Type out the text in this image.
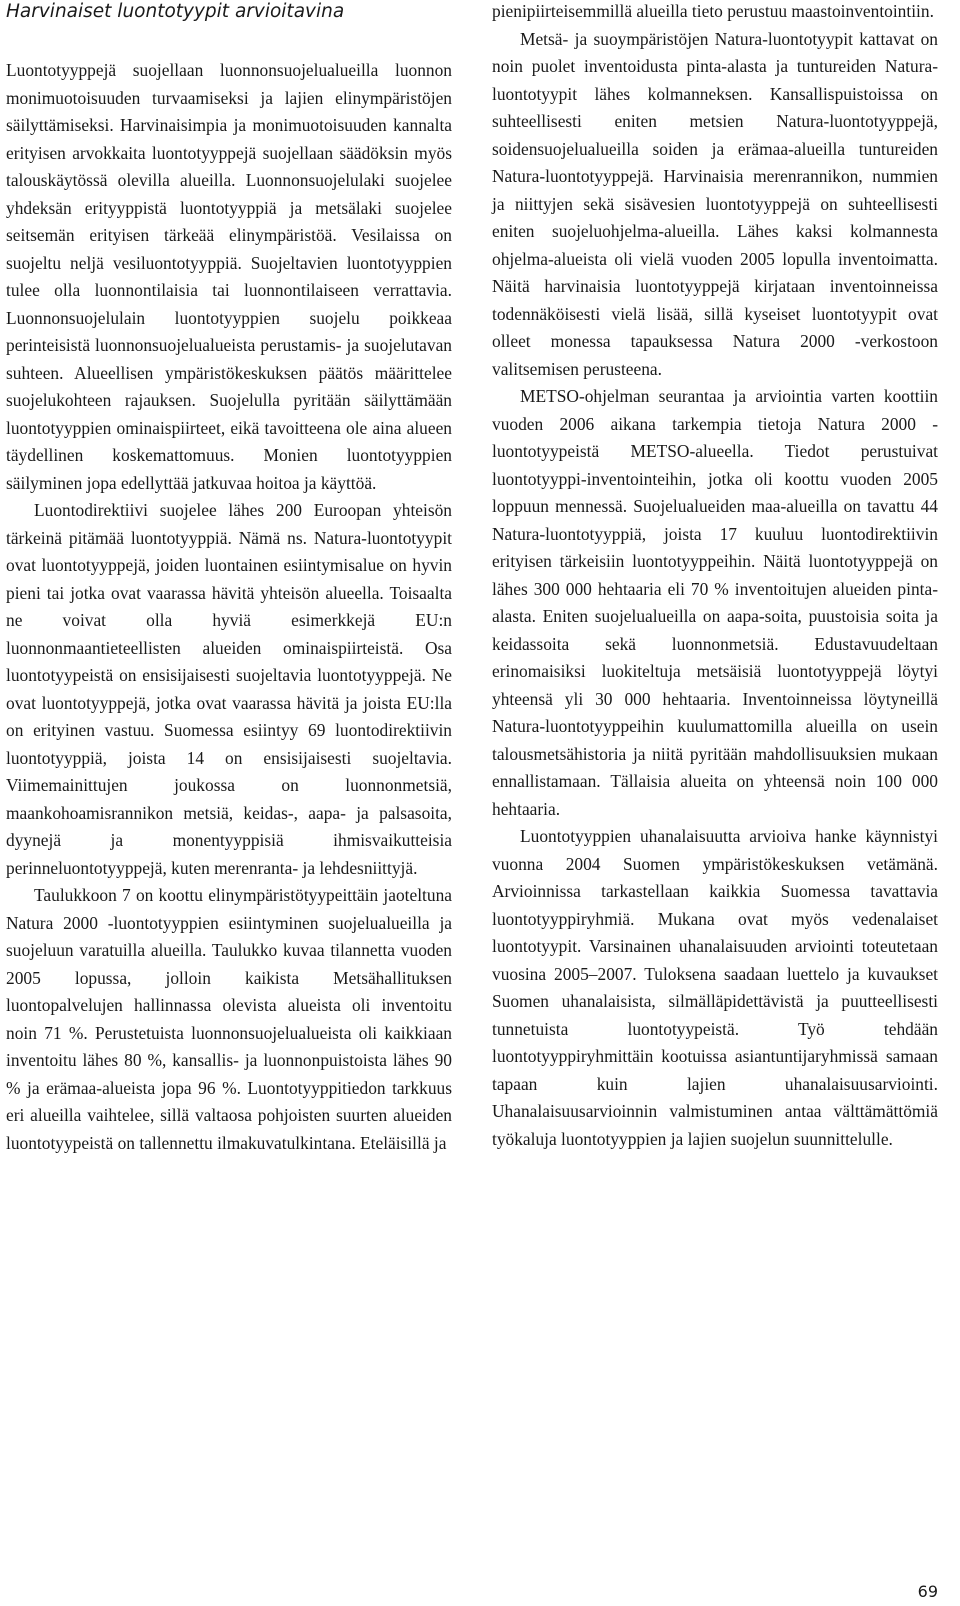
Harvinaiset luontotyypit arvioitavina

Luontotyyppejä suojellaan luonnonsuojelualueilla luonnon monimuotoisuuden turvaamiseksi ja lajien elinympäristöjen säilyttämiseksi. Harvinaisimpia ja monimuotoisuuden kannalta erityisen arvokkaita luontotyyppejä suojellaan säädöksin myös talouskäytössä olevilla alueilla. Luonnonsuojelulaki suojelee yhdeksän erityyppistä luontotyyppiä ja metsälaki suojelee seitsemän erityisen tärkeää elinympäristöä. Vesilaissa on suojeltu neljä vesiluontotyyppiä. Suojeltavien luontotyyppien tulee olla luonnontilaisia tai luonnontilaiseen verrattavia. Luonnonsuojelulain luontotyyppien suojelu poikkeaa perinteisistä luonnonsuojelualueista perustamis- ja suojelutavan suhteen. Alueellisen ympäristökeskuksen päätös määrittelee suojelukohteen rajauksen. Suojelulla pyritään säilyttämään luontotyyppien ominaispiirteet, eikä tavoitteena ole aina alueen täydellinen koskemattomuus. Monien luontotyyppien säilyminen jopa edellyttää jatkuvaa hoitoa ja käyttöä.

Luontodirektiivi suojelee lähes 200 Euroopan yhteisön tärkeinä pitämää luontotyyppiä. Nämä ns. Natura-luontotyypit ovat luontotyyppejä, joiden luontainen esiintymisalue on hyvin pieni tai jotka ovat vaarassa hävitä yhteisön alueella. Toisaalta ne voivat olla hyviä esimerkkejä EU:n luonnonmaantieteellisten alueiden ominaispiirteistä. Osa luontotyypeistä on ensisijaisesti suojeltavia luontotyyppejä. Ne ovat luontotyyppejä, jotka ovat vaarassa hävitä ja joista EU:lla on erityinen vastuu. Suomessa esiintyy 69 luontodirektiivin luontotyyppiä, joista 14 on ensisijaisesti suojeltavia. Viimemainittujen joukossa on luonnonmetsiä, maankohoamisrannikon metsiä, keidas-, aapa- ja palsasoita, dyynejä ja monentyyppisiä ihmisvaikutteisia perinneluontotyyppejä, kuten merenranta- ja lehdesniittyjä.

Taulukkoon 7 on koottu elinympäristötyypeittäin jaoteltuna Natura 2000 -luontotyyppien esiintyminen suojelualueilla ja suojeluun varatuilla alueilla. Taulukko kuvaa tilannetta vuoden 2005 lopussa, jolloin kaikista Metsähallituksen luontopalvelujen hallinnassa olevista alueista oli inventoitu noin 71 %. Perustetuista luonnonsuojelualueista oli kaikkiaan inventoitu lähes 80 %, kansallis- ja luonnonpuistoista lähes 90 % ja erämaa-alueista jopa 96 %. Luontotyyppitiedon tarkkuus eri alueilla vaihtelee, sillä valtaosa pohjoisten suurten alueiden luontotyypeistä on tallennettu ilmakuvatulkintana. Eteläisillä ja

pienipiirteisemmillä alueilla tieto perustuu maastoinventointiin.

Metsä- ja suoympäristöjen Natura-luontotyypit kattavat on noin puolet inventoidusta pinta-alasta ja tuntureiden Natura-luontotyypit lähes kolmanneksen. Kansallispuistoissa on suhteellisesti eniten metsien Natura-luontotyyppejä, soidensuojelualueilla soiden ja erämaa-alueilla tuntureiden Natura-luontotyyppejä. Harvinaisia merenrannikon, nummien ja niittyjen sekä sisävesien luontotyyppejä on suhteellisesti eniten suojeluohjelma-alueilla. Lähes kaksi kolmannesta ohjelma-alueista oli vielä vuoden 2005 lopulla inventoimatta. Näitä harvinaisia luontotyyppejä kirjataan inventoinneissa todennäköisesti vielä lisää, sillä kyseiset luontotyypit ovat olleet monessa tapauksessa Natura 2000 -verkostoon valitsemisen perusteena.

METSO-ohjelman seurantaa ja arviointia varten koottiin vuoden 2006 aikana tarkempia tietoja Natura 2000 -luontotyypeistä METSO-alueella. Tiedot perustuivat luontotyyppi-inventointeihin, jotka oli koottu vuoden 2005 loppuun mennessä. Suojelualueiden maa-alueilla on tavattu 44 Natura-luontotyyppiä, joista 17 kuuluu luontodirektiivin erityisen tärkeisiin luontotyyppeihin. Näitä luontotyyppejä on lähes 300 000 hehtaaria eli 70 % inventoitujen alueiden pinta-alasta. Eniten suojelualueilla on aapa-soita, puustoisia soita ja keidassoita sekä luonnonmetsiä. Edustavuudeltaan erinomaisiksi luokiteltuja metsäisiä luontotyyppejä löytyi yhteensä yli 30 000 hehtaaria. Inventoinneissa löytyneillä Natura-luontotyyppeihin kuulumattomilla alueilla on usein talousmetsähistoria ja niitä pyritään mahdollisuuksien mukaan ennallistamaan. Tällaisia alueita on yhteensä noin 100 000 hehtaaria.

Luontotyyppien uhanalaisuutta arvioiva hanke käynnistyi vuonna 2004 Suomen ympäristökeskuksen vetämänä. Arvioinnissa tarkastellaan kaikkia Suomessa tavattavia luontotyyppiryhmiä. Mukana ovat myös vedenalaiset luontotyypit. Varsinainen uhanalaisuuden arviointi toteutetaan vuosina 2005–2007. Tuloksena saadaan luettelo ja kuvaukset Suomen uhanalaisista, silmälläpidettävistä ja puutteellisesti tunnetuista luontotyypeistä. Työ tehdään luontotyyppiryhmittäin kootuissa asiantuntijaryhmissä samaan tapaan kuin lajien uhanalaisuusarviointi. Uhanalaisuusarvioinnin valmistuminen antaa välttämättömiä työkaluja luontotyyppien ja lajien suojelun suunnittelulle.

69
